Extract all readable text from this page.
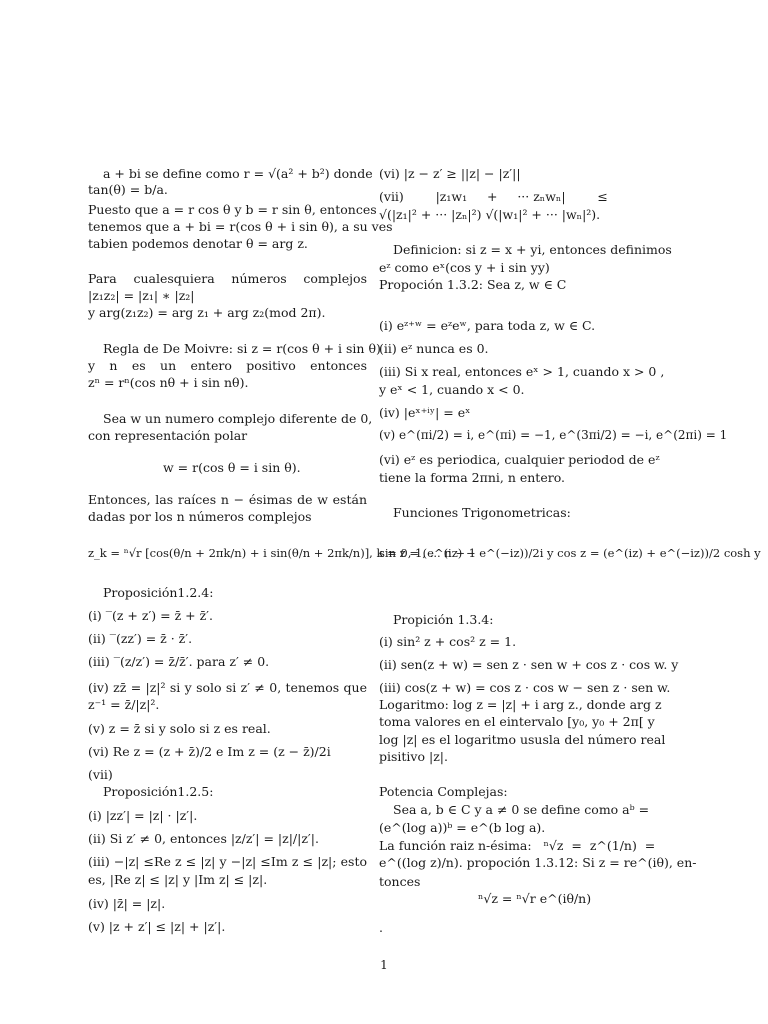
a + bi se define como r = √(a² + b²) donde
tan(θ) = b/a.
Puesto que a = r cos θ y b = r sin θ, entonces
tenemos que a + bi = r(cos θ + i sin θ), a su ves
tabien podemos denotar θ = arg z.
Para cualesquiera números complejos
|z₁z₂| = |z₁| ∗ |z₂|
y arg(z₁z₂) = arg z₁ + arg z₂(mod 2π).
Regla de De Moivre: si z = r(cos θ + i sin θ)
y n es un entero positivo entonces
zⁿ = rⁿ(cos nθ + i sin nθ).
Sea w un numero complejo diferente de 0,
con representación polar
w = r(cos θ = i sin θ).
Entonces, las raíces n − ésimas de w están
dadas por los n números complejos
z_k = ⁿ√r [cos(θ/n + 2πk/n) + i sin(θ/n + 2πk/n)], k = 0, 1, ... n − 1
Proposición1.2.4:
(i) ‾(z + z′) = z̄ + z̄′.
(ii) ‾(zz′) = z̄ · z̄′.
(iii) ‾(z/z′) = z̄/z̄′. para z′ ≠ 0.
(iv) zz̄ = |z|² si y solo si z′ ≠ 0, tenemos que
z⁻¹ = z̄/|z|².
(v) z = z̄ si y solo si z es real.
(vi) Re z = (z + z̄)/2 e Im z = (z − z̄)/2i
(vii)
Proposición1.2.5:
(i) |zz′| = |z| · |z′|.
(ii) Si z′ ≠ 0, entonces |z/z′| = |z|/|z′|.
(iii) −|z| ≤Re z ≤ |z| y −|z| ≤Im z ≤ |z|; esto
es, |Re z| ≤ |z| y |Im z| ≤ |z|.
(iv) |z̄| = |z|.
(v) |z + z′| ≤ |z| + |z′|.
(vi) |z − z′ ≥ ||z| − |z′||
(vii)        |z₁w₁     +     ··· zₙwₙ|        ≤
√(|z₁|² + ··· |zₙ|²) √(|w₁|² + ··· |wₙ|²).
Definicion: si z = x + yi, entonces definimos
eᶻ como eˣ(cos y + i sin yy)
Propoción 1.3.2: Sea z, w ∈ C
(i) eᶻ⁺ʷ = eᶻeʷ, para toda z, w ∈ C.
(ii) eᶻ nunca es 0.
(iii) Si x real, entonces eˣ > 1, cuando x > 0 ,
y eˣ < 1, cuando x < 0.
(iv) |eˣ⁺ⁱʸ| = eˣ
(v) e^(πi/2) = i, e^(πi) = −1, e^(3πi/2) = −i, e^(2πi) = 1
(vi) eᶻ es periodica, cualquier periodod de eᶻ
tiene la forma 2πni, n entero.
Funciones Trigonometricas:
sin z = (e^(iz) − e^(−iz))/2i y cos z = (e^(iz) + e^(−iz))/2 cosh y
Propición 1.3.4:
(i) sin² z + cos² z = 1.
(ii) sen(z + w) = sen z · sen w + cos z · cos w. y
(iii) cos(z + w) = cos z · cos w − sen z · sen w.
Logaritmo: log z = |z| + i arg z., donde arg z
toma valores en el eintervalo [y₀, y₀ + 2π[ y
log |z| es el logaritmo ususla del número real
pisitivo |z|.
Potencia Complejas:
Sea a, b ∈ C y a ≠ 0 se define como aᵇ =
(e^(log a))ᵇ = e^(b log a).
La función raiz n-ésima:   ⁿ√z  =  z^(1/n)  =
e^((log z)/n). propoción 1.3.12: Si z = re^(iθ), en-
tonces
ⁿ√z = ⁿ√r e^(iθ/n)
.
1
